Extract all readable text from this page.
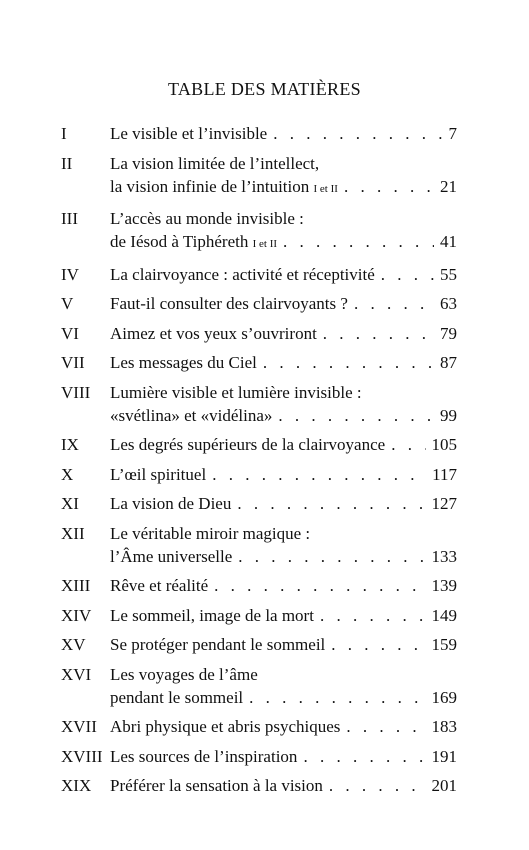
TABLE DES MATIÈRES
I	Le visible et l’invisible . . .	7
II	La vision limitée de l’intellect,
la vision infinie de l’intuition I et II . . .	21
III	L’accès au monde invisible :
de Iésod à Tiphéreth I et II . . .	41
IV	La clairvoyance : activité et réceptivité . . .	55
V	Faut-il consulter des clairvoyants ? . . .	63
VI	Aimez et vos yeux s’ouvriront . . .	79
VII	Les messages du Ciel . . .	87
VIII	Lumière visible et lumière invisible :
«svétlina» et «vidélina» . . .	99
IX	Les degrés supérieurs de la clairvoyance . . .	105
X	L’œil spirituel . . .	117
XI	La vision de Dieu . . .	127
XII	Le véritable miroir magique :
l’Âme universelle . . .	133
XIII	Rêve et réalité . . .	139
XIV	Le sommeil, image de la mort . . .	149
XV	Se protéger pendant le sommeil . . .	159
XVI	Les voyages de l’âme
pendant le sommeil . . .	169
XVII Abri physique et abris psychiques . . .	183
XVIII Les sources de l’inspiration . . .	191
XIX	Préférer la sensation à la vision . . .	201
